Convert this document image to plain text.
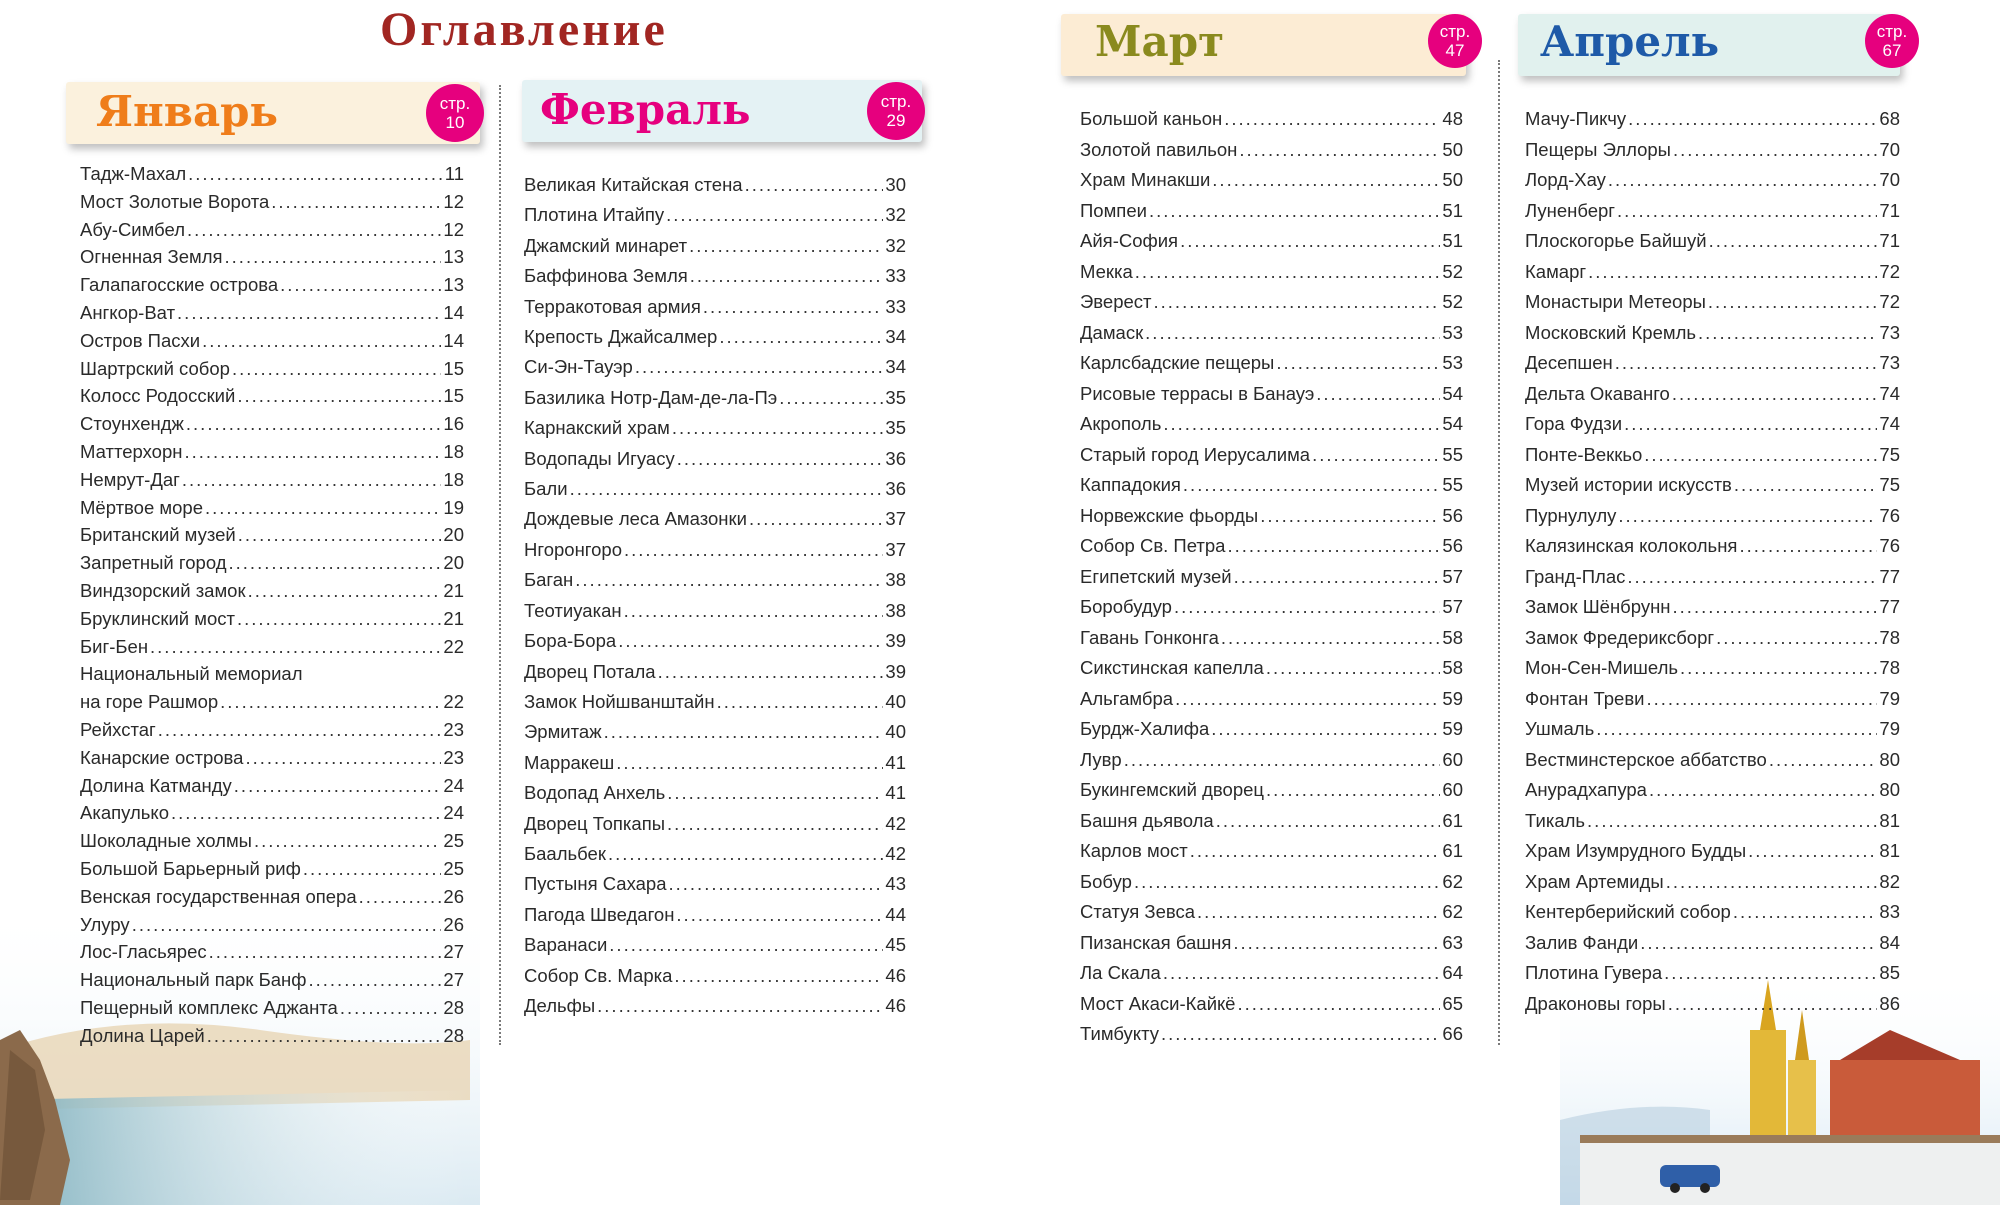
Оглавление
Январь	стр.
10 Февраль	стр.
29
Март	стр.
47 Апрель	стр.
67
Тадж-Махал .....	11
Мост Золотые Ворота .....	12
Абу-Симбел .....	12
Огненная Земля .....	13
Галапагосские острова .....	13
Ангкор-Ват .....	14
Остров Пасхи .....	14
Шартрский собор .....	15
Колосс Родосский .....	15
Стоунхендж .....	16
Маттерхорн .....	18
Немрут-Даг .....	18
Мёртвое море .....	19
Британский музей .....	20
Запретный город .....	20
Виндзорский замок .....	21
Бруклинский мост .....	21
Биг-Бен .....	22
Национальный мемориал
на горе Рашмор .....	22
Рейхстаг .....	23
Канарские острова .....	23
Долина Катманду .....	24
Акапулько .....	24
Шоколадные холмы .....	25
Большой Барьерный риф .....	25
Венская государственная опера .....	26
Улуру .....	26
Лос-Гласьярес .....	27
Национальный парк Банф .....	27
Пещерный комплекс Аджанта .....	28
Долина Царей .....	28
Великая Китайская стена .....	30
Плотина Итайпу .....	32
Джамский минарет .....	32
Баффинова Земля .....	33
Терракотовая армия .....	33
Крепость Джайсалмер .....	34
Си-Эн-Тауэр .....	34
Базилика Нотр-Дам-де-ла-Пэ .....	35
Карнакский храм .....	35
Водопады Игуасу .....	36
Бали .....	36
Дождевые леса Амазонки .....	37
Нгоронгоро .....	37
Баган .....	38
Теотиуакан .....	38
Бора-Бора .....	39
Дворец Потала .....	39
Замок Нойшванштайн .....	40
Эрмитаж .....	40
Марракеш .....	41
Водопад Анхель .....	41
Дворец Топкапы .....	42
Баальбек .....	42
Пустыня Сахара .....	43
Пагода Шведагон .....	44
Варанаси .....	45
Собор Св. Марка .....	46
Дельфы .....	46
Большой каньон .....	48
Золотой павильон .....	50
Храм Минакши .....	50
Помпеи .....	51
Айя-София .....	51
Мекка .....	52
Эверест .....	52
Дамаск .....	53
Карлсбадские пещеры .....	53
Рисовые террасы в Банауэ .....	54
Акрополь .....	54
Старый город Иерусалима .....	55
Каппадокия .....	55
Норвежские фьорды .....	56
Собор Св. Петра .....	56
Египетский музей .....	57
Боробудур .....	57
Гавань Гонконга .....	58
Сикстинская капелла .....	58
Альгамбра .....	59
Бурдж-Халифа .....	59
Лувр .....	60
Букингемский дворец .....	60
Башня дьявола .....	61
Карлов мост .....	61
Бобур .....	62
Статуя Зевса .....	62
Пизанская башня .....	63
Ла Скала .....	64
Мост Акаси-Кайкё .....	65
Тимбукту .....	66
Мачу-Пикчу .....	68
Пещеры Эллоры .....	70
Лорд-Хау .....	70
Луненберг .....	71
Плоскогорье Байшуй .....	71
Камарг .....	72
Монастыри Метеоры .....	72
Московский Кремль .....	73
Десепшен .....	73
Дельта Окаванго .....	74
Гора Фудзи .....	74
Понте-Веккьо .....	75
Музей истории искусств .....	75
Пурнулулу .....	76
Калязинская колокольня .....	76
Гранд-Плас .....	77
Замок Шёнбрунн .....	77
Замок Фредериксборг .....	78
Мон-Сен-Мишель .....	78
Фонтан Треви .....	79
Ушмаль .....	79
Вестминстерское аббатство .....	80
Анурадхапура .....	80
Тикаль .....	81
Храм Изумрудного Будды .....	81
Храм Артемиды .....	82
Кентерберийский собор .....	83
Залив Фанди .....	84
Плотина Гувера .....	85
Драконовы горы .....	86
